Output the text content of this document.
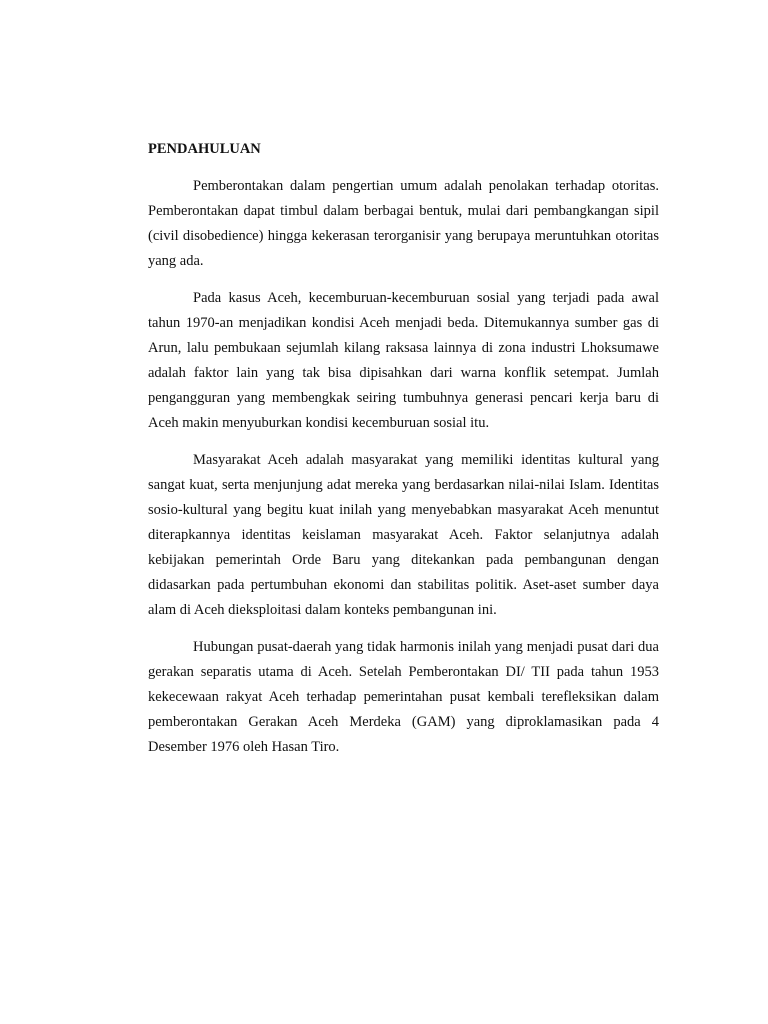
PENDAHULUAN

Pemberontakan dalam pengertian umum adalah penolakan terhadap otoritas. Pemberontakan dapat timbul dalam berbagai bentuk, mulai dari pembangkangan sipil (civil disobedience) hingga kekerasan terorganisir yang berupaya meruntuhkan otoritas yang ada.

Pada kasus Aceh, kecemburuan-kecemburuan sosial yang terjadi pada awal tahun 1970-an menjadikan kondisi Aceh menjadi beda. Ditemukannya sumber gas di Arun, lalu pembukaan sejumlah kilang raksasa lainnya di zona industri Lhoksumawe adalah faktor lain yang tak bisa dipisahkan dari warna konflik setempat. Jumlah pengangguran yang membengkak seiring tumbuhnya generasi pencari kerja baru di Aceh makin menyuburkan kondisi kecemburuan sosial itu.

Masyarakat Aceh adalah masyarakat yang memiliki identitas kultural yang sangat kuat, serta menjunjung adat mereka yang berdasarkan nilai-nilai Islam. Identitas sosio-kultural yang begitu kuat inilah yang menyebabkan masyarakat Aceh menuntut diterapkannya identitas keislaman masyarakat Aceh. Faktor selanjutnya adalah kebijakan pemerintah Orde Baru yang ditekankan pada pembangunan dengan didasarkan pada pertumbuhan ekonomi dan stabilitas politik. Aset-aset sumber daya alam di Aceh dieksploitasi dalam konteks pembangunan ini.

Hubungan pusat-daerah yang tidak harmonis inilah yang menjadi pusat dari dua gerakan separatis utama di Aceh. Setelah Pemberontakan DI/ TII pada tahun 1953 kekecewaan rakyat Aceh terhadap pemerintahan pusat kembali terefleksikan dalam pemberontakan Gerakan Aceh Merdeka (GAM) yang diproklamasikan pada 4 Desember 1976 oleh Hasan Tiro.
